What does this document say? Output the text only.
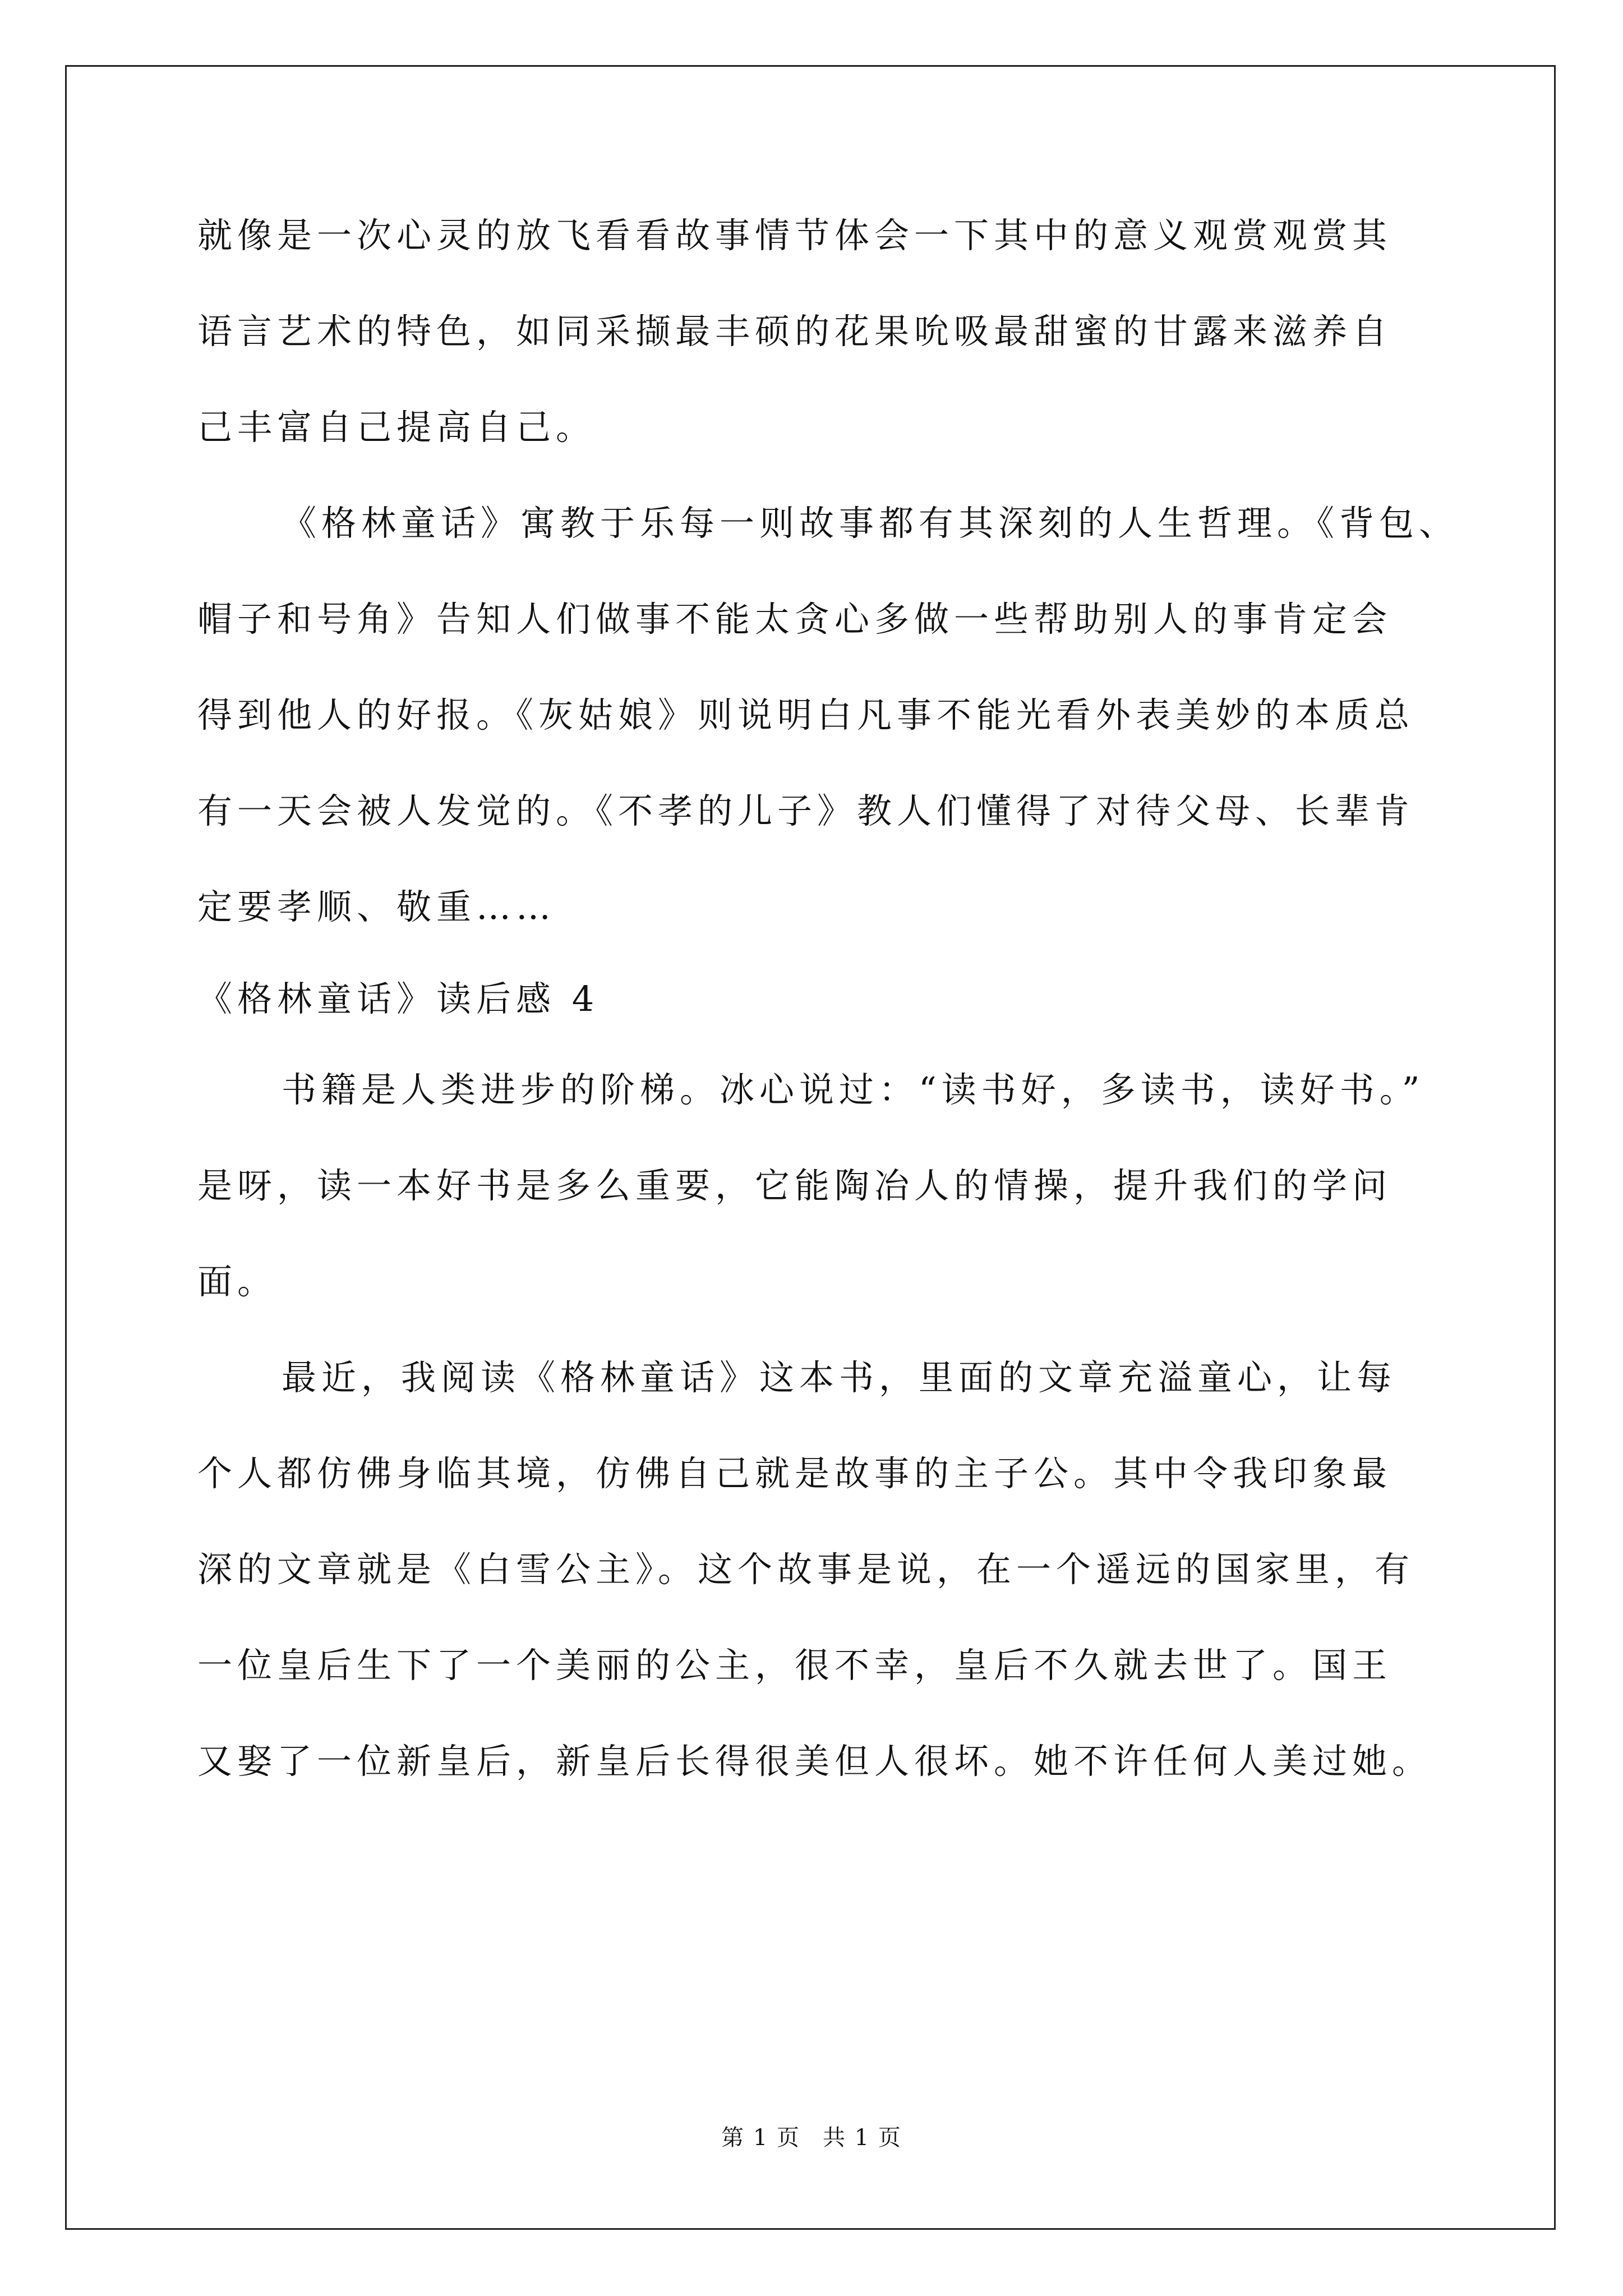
就像是一次心灵的放飞看看故事情节体会一下其中的意义观赏观赏其
语言艺术的特色，如同采撷最丰硕的花果吮吸最甜蜜的甘露来滋养自
己丰富自己提高自己。
《格林童话》寓教于乐每一则故事都有其深刻的人生哲理。《背包、
帽子和号角》告知人们做事不能太贪心多做一些帮助别人的事肯定会
得到他人的好报。《灰姑娘》则说明白凡事不能光看外表美妙的本质总
有一天会被人发觉的。《不孝的儿子》教人们懂得了对待父母、长辈肯
定要孝顺、敬重……
《格林童话》读后感 4
书籍是人类进步的阶梯。冰心说过：“读书好，多读书，读好书。”
是呀，读一本好书是多么重要，它能陶冶人的情操，提升我们的学问
面。
最近，我阅读《格林童话》这本书，里面的文章充溢童心，让每
个人都仿佛身临其境，仿佛自己就是故事的主子公。其中令我印象最
深的文章就是《白雪公主》。这个故事是说，在一个遥远的国家里，有
一位皇后生下了一个美丽的公主，很不幸，皇后不久就去世了。国王
又娶了一位新皇后，新皇后长得很美但人很坏。她不许任何人美过她。
第 1 页 共 1 页
